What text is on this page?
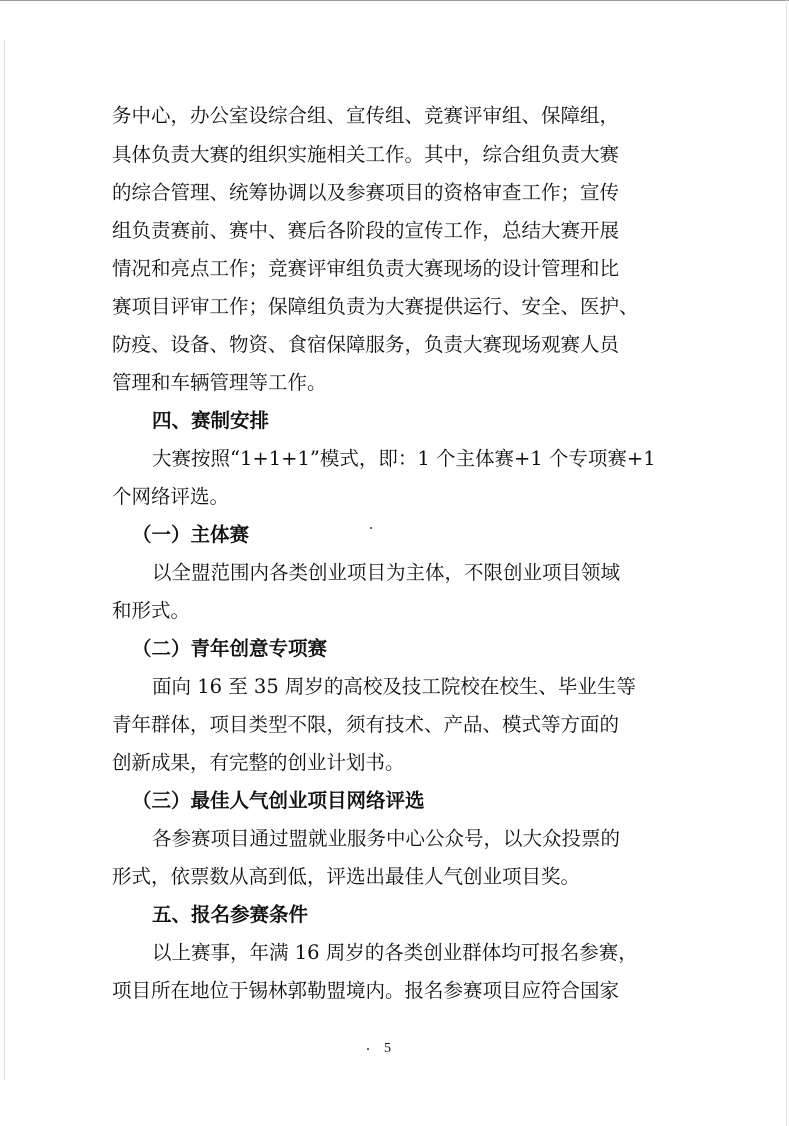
务中心，办公室设综合组、宣传组、竞赛评审组、保障组，
具体负责大赛的组织实施相关工作。其中，综合组负责大赛
的综合管理、统筹协调以及参赛项目的资格审查工作；宣传
组负责赛前、赛中、赛后各阶段的宣传工作，总结大赛开展
情况和亮点工作；竞赛评审组负责大赛现场的设计管理和比
赛项目评审工作；保障组负责为大赛提供运行、安全、医护、
防疫、设备、物资、食宿保障服务，负责大赛现场观赛人员
管理和车辆管理等工作。
四、赛制安排
大赛按照“1+1+1”模式，即：1 个主体赛+1 个专项赛+1
个网络评选。
（一）主体赛
以全盟范围内各类创业项目为主体，不限创业项目领域
和形式。
（二）青年创意专项赛
面向 16 至 35 周岁的高校及技工院校在校生、毕业生等
青年群体，项目类型不限，须有技术、产品、模式等方面的
创新成果，有完整的创业计划书。
（三）最佳人气创业项目网络评选
各参赛项目通过盟就业服务中心公众号，以大众投票的
形式，依票数从高到低，评选出最佳人气创业项目奖。
五、报名参赛条件
以上赛事，年满 16 周岁的各类创业群体均可报名参赛，
项目所在地位于锡林郭勒盟境内。报名参赛项目应符合国家
5
